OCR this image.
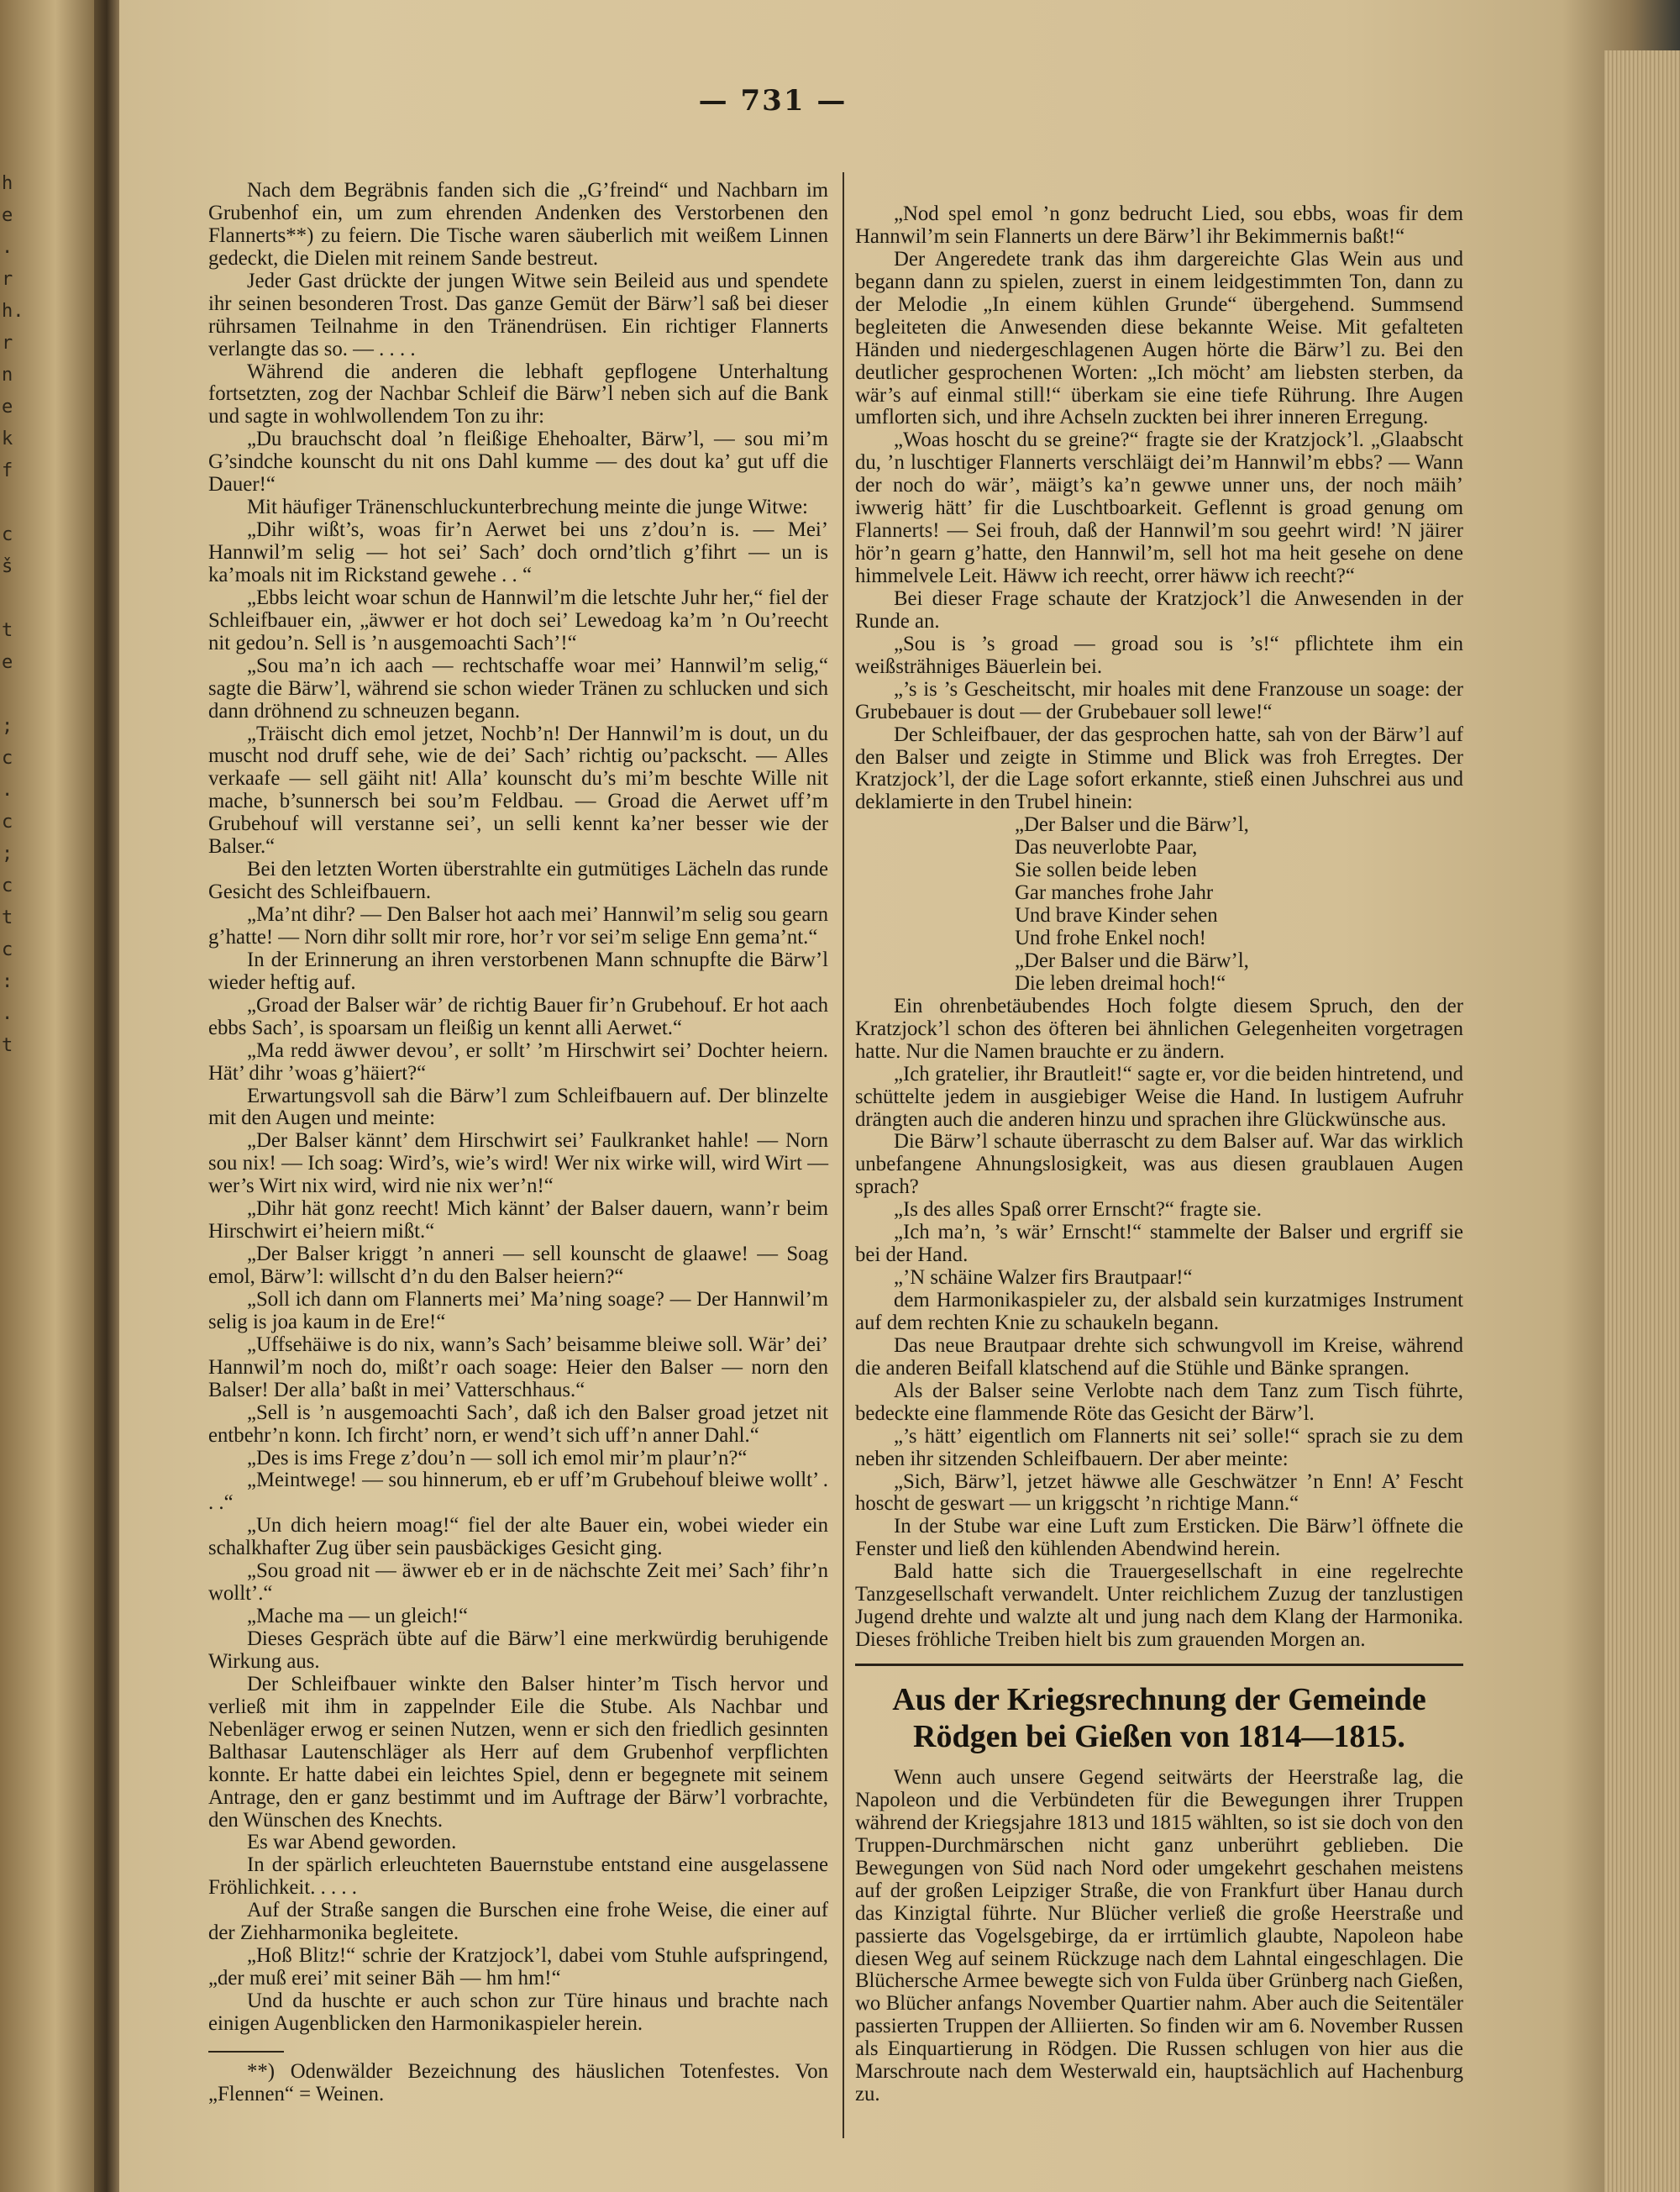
h
e
.
r
h.
r
n
e
k
f

c
š

t
e

;
c
.
c
;
c
t
c
:
.
t
— 731 —

Nach dem Begräbnis fanden sich die „G’freind“ und Nachbarn im Grubenhof ein, um zum ehrenden Andenken des Verstorbenen den Flannerts**) zu feiern. Die Tische waren säuberlich mit weißem Linnen gedeckt, die Dielen mit reinem Sande bestreut.

Jeder Gast drückte der jungen Witwe sein Beileid aus und spendete ihr seinen besonderen Trost. Das ganze Gemüt der Bärw’l saß bei dieser rührsamen Teilnahme in den Tränendrüsen. Ein richtiger Flannerts verlangte das so. — . . . .

Während die anderen die lebhaft gepflogene Unterhaltung fortsetzten, zog der Nachbar Schleif die Bärw’l neben sich auf die Bank und sagte in wohlwollendem Ton zu ihr:

„Du brauchscht doal ’n fleißige Ehehoalter, Bärw’l, — sou mi’m G’sindche kounscht du nit ons Dahl kumme — des dout ka’ gut uff die Dauer!“

Mit häufiger Tränenschluckunterbrechung meinte die junge Witwe:

„Dihr wißt’s, woas fir’n Aerwet bei uns z’dou’n is. — Mei’ Hannwil’m selig — hot sei’ Sach’ doch ornd’tlich g’fihrt — un is ka’moals nit im Rickstand gewehe . . “

„Ebbs leicht woar schun de Hannwil’m die letschte Juhr her,“ fiel der Schleifbauer ein, „äwwer er hot doch sei’ Lewedoag ka’m ’n Ou’reecht nit gedou’n. Sell is ’n ausgemoachti Sach’!“

„Sou ma’n ich aach — rechtschaffe woar mei’ Hannwil’m selig,“ sagte die Bärw’l, während sie schon wieder Tränen zu schlucken und sich dann dröhnend zu schneuzen begann.

„Träischt dich emol jetzet, Nochb’n! Der Hannwil’m is dout, un du muscht nod druff sehe, wie de dei’ Sach’ richtig ou’packscht. — Alles verkaafe — sell gäiht nit! Alla’ kounscht du’s mi’m beschte Wille nit mache, b’sunnersch bei sou’m Feldbau. — Groad die Aerwet uff’m Grubehouf will verstanne sei’, un selli kennt ka’ner besser wie der Balser.“

Bei den letzten Worten überstrahlte ein gutmütiges Lächeln das runde Gesicht des Schleifbauern.

„Ma’nt dihr? — Den Balser hot aach mei’ Hannwil’m selig sou gearn g’hatte! — Norn dihr sollt mir rore, hor’r vor sei’m selige Enn gema’nt.“

In der Erinnerung an ihren verstorbenen Mann schnupfte die Bärw’l wieder heftig auf.

„Groad der Balser wär’ de richtig Bauer fir’n Grubehouf. Er hot aach ebbs Sach’, is spoarsam un fleißig un kennt alli Aerwet.“

„Ma redd äwwer devou’, er sollt’ ’m Hirschwirt sei’ Dochter heiern. Hät’ dihr ’woas g’häiert?“

Erwartungsvoll sah die Bärw’l zum Schleifbauern auf. Der blinzelte mit den Augen und meinte:

„Der Balser kännt’ dem Hirschwirt sei’ Faulkranket hahle! — Norn sou nix! — Ich soag: Wird’s, wie’s wird! Wer nix wirke will, wird Wirt — wer’s Wirt nix wird, wird nie nix wer’n!“

„Dihr hät gonz reecht! Mich kännt’ der Balser dauern, wann’r beim Hirschwirt ei’heiern mißt.“

„Der Balser kriggt ’n anneri — sell kounscht de glaawe! — Soag emol, Bärw’l: willscht d’n du den Balser heiern?“

„Soll ich dann om Flannerts mei’ Ma’ning soage? — Der Hannwil’m selig is joa kaum in de Ere!“

„Uffsehäiwe is do nix, wann’s Sach’ beisamme bleiwe soll. Wär’ dei’ Hannwil’m noch do, mißt’r oach soage: Heier den Balser — norn den Balser! Der alla’ baßt in mei’ Vatterschhaus.“

„Sell is ’n ausgemoachti Sach’, daß ich den Balser groad jetzet nit entbehr’n konn. Ich fircht’ norn, er wend’t sich uff’n anner Dahl.“

„Des is ims Frege z’dou’n — soll ich emol mir’m plaur’n?“

„Meintwege! — sou hinnerum, eb er uff’m Grubehouf bleiwe wollt’ . . .“

„Un dich heiern moag!“ fiel der alte Bauer ein, wobei wieder ein schalkhafter Zug über sein pausbäckiges Gesicht ging.

„Sou groad nit — äwwer eb er in de nächschte Zeit mei’ Sach’ fihr’n wollt’.“

„Mache ma — un gleich!“

Dieses Gespräch übte auf die Bärw’l eine merkwürdig beruhigende Wirkung aus.

Der Schleifbauer winkte den Balser hinter’m Tisch hervor und verließ mit ihm in zappelnder Eile die Stube. Als Nachbar und Nebenläger erwog er seinen Nutzen, wenn er sich den friedlich gesinnten Balthasar Lautenschläger als Herr auf dem Grubenhof verpflichten konnte. Er hatte dabei ein leichtes Spiel, denn er begegnete mit seinem Antrage, den er ganz bestimmt und im Auftrage der Bärw’l vorbrachte, den Wünschen des Knechts.

Es war Abend geworden.

In der spärlich erleuchteten Bauernstube entstand eine ausgelassene Fröhlichkeit. . . . .

Auf der Straße sangen die Burschen eine frohe Weise, die einer auf der Ziehharmonika begleitete.

„Hoß Blitz!“ schrie der Kratzjock’l, dabei vom Stuhle aufspringend, „der muß erei’ mit seiner Bäh — hm hm!“

Und da huschte er auch schon zur Türe hinaus und brachte nach einigen Augenblicken den Harmonikaspieler herein.

**) Odenwälder Bezeichnung des häuslichen Totenfestes. Von „Flennen“ = Weinen.

„Nod spel emol ’n gonz bedrucht Lied, sou ebbs, woas fir dem Hannwil’m sein Flannerts un dere Bärw’l ihr Bekimmernis baßt!“

Der Angeredete trank das ihm dargereichte Glas Wein aus und begann dann zu spielen, zuerst in einem leidgestimmten Ton, dann zu der Melodie „In einem kühlen Grunde“ übergehend. Summsend begleiteten die Anwesenden diese bekannte Weise. Mit gefalteten Händen und niedergeschlagenen Augen hörte die Bärw’l zu. Bei den deutlicher gesprochenen Worten: „Ich möcht’ am liebsten sterben, da wär’s auf einmal still!“ überkam sie eine tiefe Rührung. Ihre Augen umflorten sich, und ihre Achseln zuckten bei ihrer inneren Erregung.

„Woas hoscht du se greine?“ fragte sie der Kratzjock’l. „Glaabscht du, ’n luschtiger Flannerts verschläigt dei’m Hannwil’m ebbs? — Wann der noch do wär’, mäigt’s ka’n gewwe unner uns, der noch mäih’ iwwerig hätt’ fir die Luschtboarkeit. Geflennt is groad genung om Flannerts! — Sei frouh, daß der Hannwil’m sou geehrt wird! ’N jäirer hör’n gearn g’hatte, den Hannwil’m, sell hot ma heit gesehe on dene himmelvele Leit. Häww ich reecht, orrer häww ich reecht?“

Bei dieser Frage schaute der Kratzjock’l die Anwesenden in der Runde an.

„Sou is ’s groad — groad sou is ’s!“ pflichtete ihm ein weißsträhniges Bäuerlein bei.

„’s is ’s Gescheitscht, mir hoales mit dene Franzouse un soage: der Grubebauer is dout — der Grubebauer soll lewe!“

Der Schleifbauer, der das gesprochen hatte, sah von der Bärw’l auf den Balser und zeigte in Stimme und Blick was froh Erregtes. Der Kratzjock’l, der die Lage sofort erkannte, stieß einen Juhschrei aus und deklamierte in den Trubel hinein:

„Der Balser und die Bärw’l,
Das neuverlobte Paar,
Sie sollen beide leben
Gar manches frohe Jahr
Und brave Kinder sehen
Und frohe Enkel noch!
„Der Balser und die Bärw’l,
Die leben dreimal hoch!“

Ein ohrenbetäubendes Hoch folgte diesem Spruch, den der Kratzjock’l schon des öfteren bei ähnlichen Gelegenheiten vorgetragen hatte. Nur die Namen brauchte er zu ändern.

„Ich gratelier, ihr Brautleit!“ sagte er, vor die beiden hintretend, und schüttelte jedem in ausgiebiger Weise die Hand. In lustigem Aufruhr drängten auch die anderen hinzu und sprachen ihre Glückwünsche aus.

Die Bärw’l schaute überrascht zu dem Balser auf. War das wirklich unbefangene Ahnungslosigkeit, was aus diesen graublauen Augen sprach?

„Is des alles Spaß orrer Ernscht?“ fragte sie.

„Ich ma’n, ’s wär’ Ernscht!“ stammelte der Balser und ergriff sie bei der Hand.

„’N schäine Walzer firs Brautpaar!“

dem Harmonikaspieler zu, der alsbald sein kurzatmiges Instrument auf dem rechten Knie zu schaukeln begann.

Das neue Brautpaar drehte sich schwungvoll im Kreise, während die anderen Beifall klatschend auf die Stühle und Bänke sprangen.

Als der Balser seine Verlobte nach dem Tanz zum Tisch führte, bedeckte eine flammende Röte das Gesicht der Bärw’l.

„’s hätt’ eigentlich om Flannerts nit sei’ solle!“ sprach sie zu dem neben ihr sitzenden Schleifbauern. Der aber meinte:

„Sich, Bärw’l, jetzet häwwe alle Geschwätzer ’n Enn! A’ Fescht hoscht de geswart — un kriggscht ’n richtige Mann.“

In der Stube war eine Luft zum Ersticken. Die Bärw’l öffnete die Fenster und ließ den kühlenden Abendwind herein.

Bald hatte sich die Trauergesellschaft in eine regelrechte Tanzgesellschaft verwandelt. Unter reichlichem Zuzug der tanzlustigen Jugend drehte und walzte alt und jung nach dem Klang der Harmonika. Dieses fröhliche Treiben hielt bis zum grauenden Morgen an.

Aus der Kriegsrechnung der Gemeinde Rödgen bei Gießen von 1814—1815.

Wenn auch unsere Gegend seitwärts der Heerstraße lag, die Napoleon und die Verbündeten für die Bewegungen ihrer Truppen während der Kriegsjahre 1813 und 1815 wählten, so ist sie doch von den Truppen-Durchmärschen nicht ganz unberührt geblieben. Die Bewegungen von Süd nach Nord oder umgekehrt geschahen meistens auf der großen Leipziger Straße, die von Frankfurt über Hanau durch das Kinzigtal führte. Nur Blücher verließ die große Heerstraße und passierte das Vogelsgebirge, da er irrtümlich glaubte, Napoleon habe diesen Weg auf seinem Rückzuge nach dem Lahntal eingeschlagen. Die Blüchersche Armee bewegte sich von Fulda über Grünberg nach Gießen, wo Blücher anfangs November Quartier nahm. Aber auch die Seitentäler passierten Truppen der Alliierten. So finden wir am 6. November Russen als Einquartierung in Rödgen. Die Russen schlugen von hier aus die Marschroute nach dem Westerwald ein, hauptsächlich auf Hachenburg zu.
